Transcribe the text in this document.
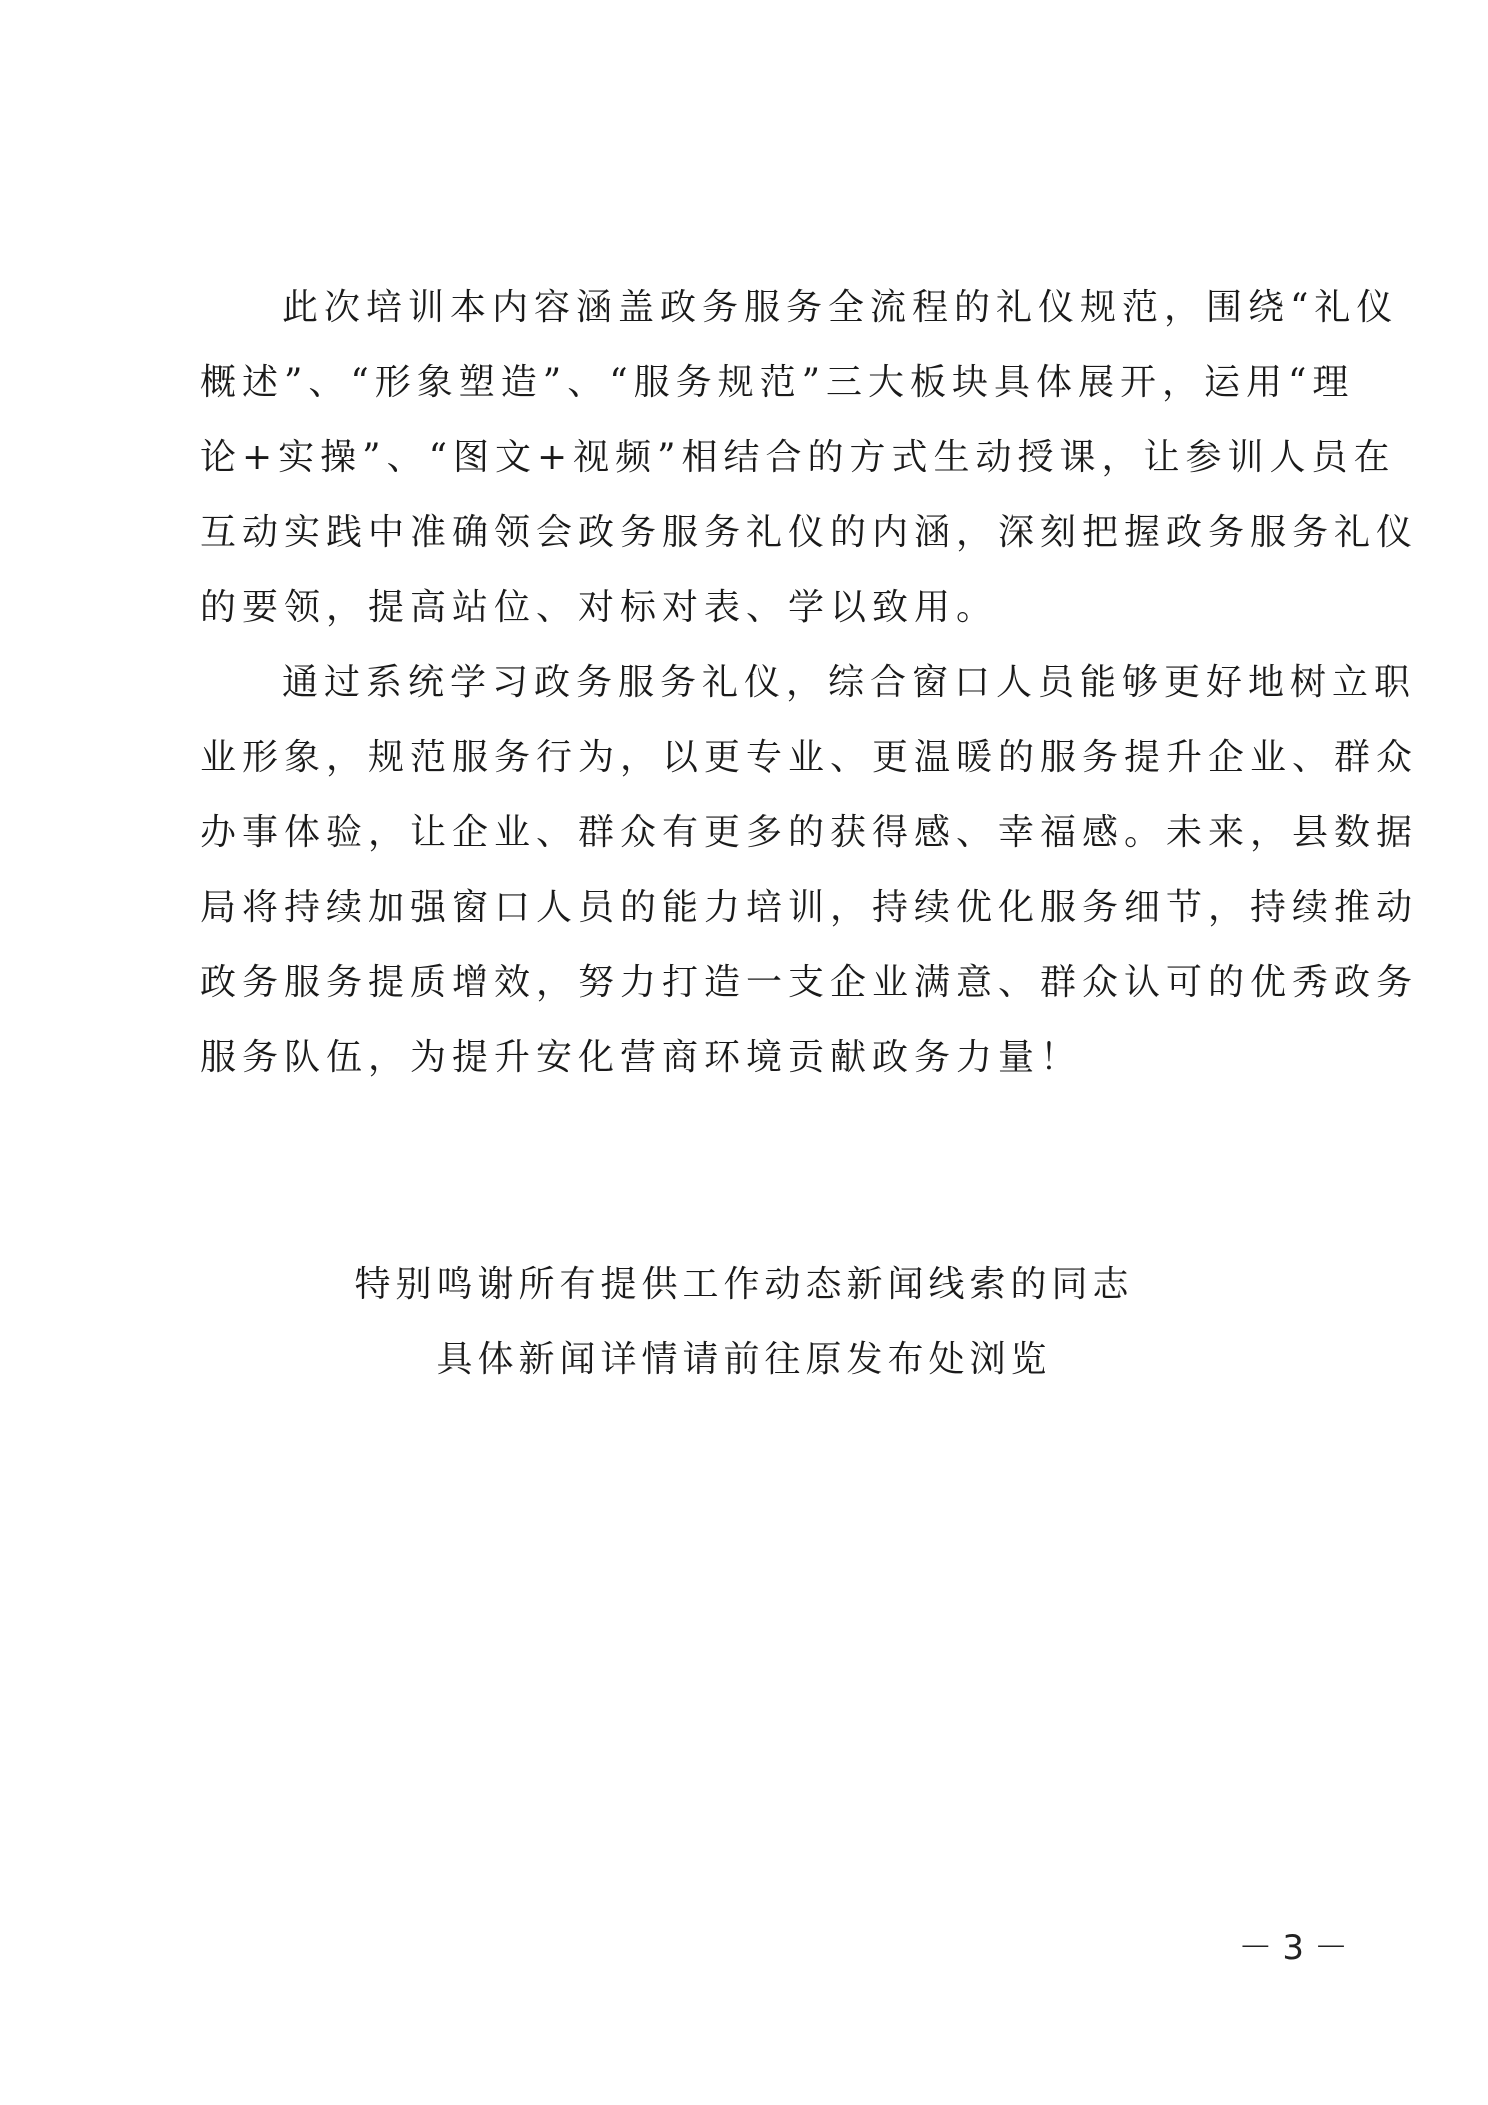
此次培训本内容涵盖政务服务全流程的礼仪规范，围绕“礼仪
概述”、“形象塑造”、“服务规范”三大板块具体展开，运用“理
论+实操”、“图文+视频”相结合的方式生动授课，让参训人员在
互动实践中准确领会政务服务礼仪的内涵，深刻把握政务服务礼仪
的要领，提高站位、对标对表、学以致用。
通过系统学习政务服务礼仪，综合窗口人员能够更好地树立职
业形象，规范服务行为，以更专业、更温暖的服务提升企业、群众
办事体验，让企业、群众有更多的获得感、幸福感。未来，县数据
局将持续加强窗口人员的能力培训，持续优化服务细节，持续推动
政务服务提质增效，努力打造一支企业满意、群众认可的优秀政务
服务队伍，为提升安化营商环境贡献政务力量！
特别鸣谢所有提供工作动态新闻线索的同志
具体新闻详情请前往原发布处浏览
－3－
